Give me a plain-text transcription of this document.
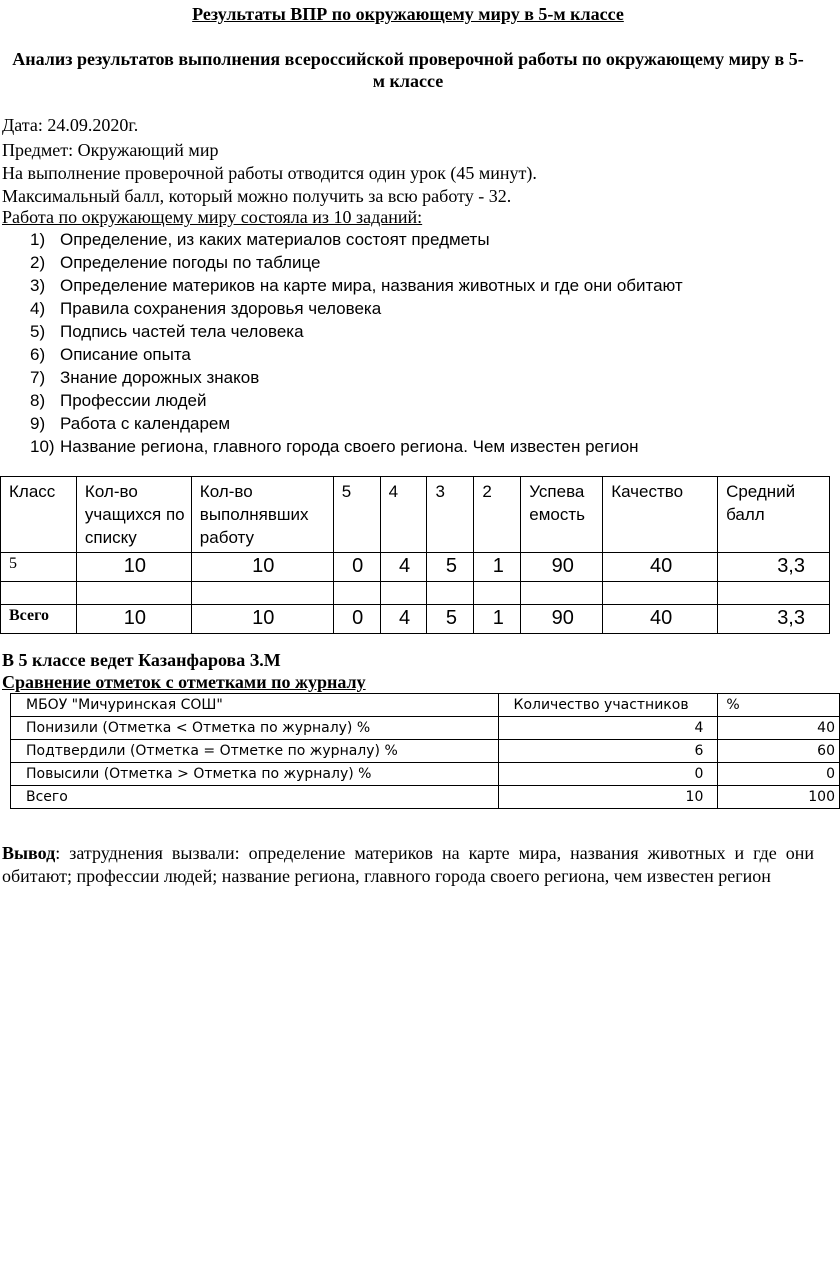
Результаты ВПР по окружающему миру в 5-м классе
Анализ результатов выполнения всероссийской проверочной работы по окружающему миру в 5-м классе
Дата: 24.09.2020г.
Предмет: Окружающий мир
На выполнение проверочной работы отводится один урок (45 минут).
Максимальный балл, который можно получить за всю работу - 32.
Работа по окружающему миру состояла из 10 заданий:
1) Определение, из каких материалов состоят предметы
2) Определение погоды по таблице
3) Определение материков на карте мира, названия животных и где они обитают
4) Правила сохранения здоровья человека
5) Подпись частей тела человека
6) Описание опыта
7) Знание дорожных знаков
8) Профессии людей
9) Работа с календарем
10) Название региона, главного города своего региона. Чем известен регион
Класс	Кол-во учащихся по списку	Кол-во выполнявших работу	5	4	3	2	Успева емость	Качество	Средний балл
5	10	10	0	4	5	1	90	40	3,3

Всего	10	10	0	4	5	1	90	40	3,3
В 5 классе ведет Казанфарова З.М
Сравнение отметок с отметками по журналу
МБОУ "Мичуринская СОШ"	Количество участников	%
Понизили (Отметка < Отметка по журналу) %	4	40
Подтвердили (Отметка = Отметке по журналу) %	6	60
Повысили (Отметка > Отметка по журналу) %	0	0
Всего	10	100
Вывод: затруднения вызвали: определение материков на карте мира, названия животных и где они обитают; профессии людей; название региона, главного города своего региона, чем известен регион
